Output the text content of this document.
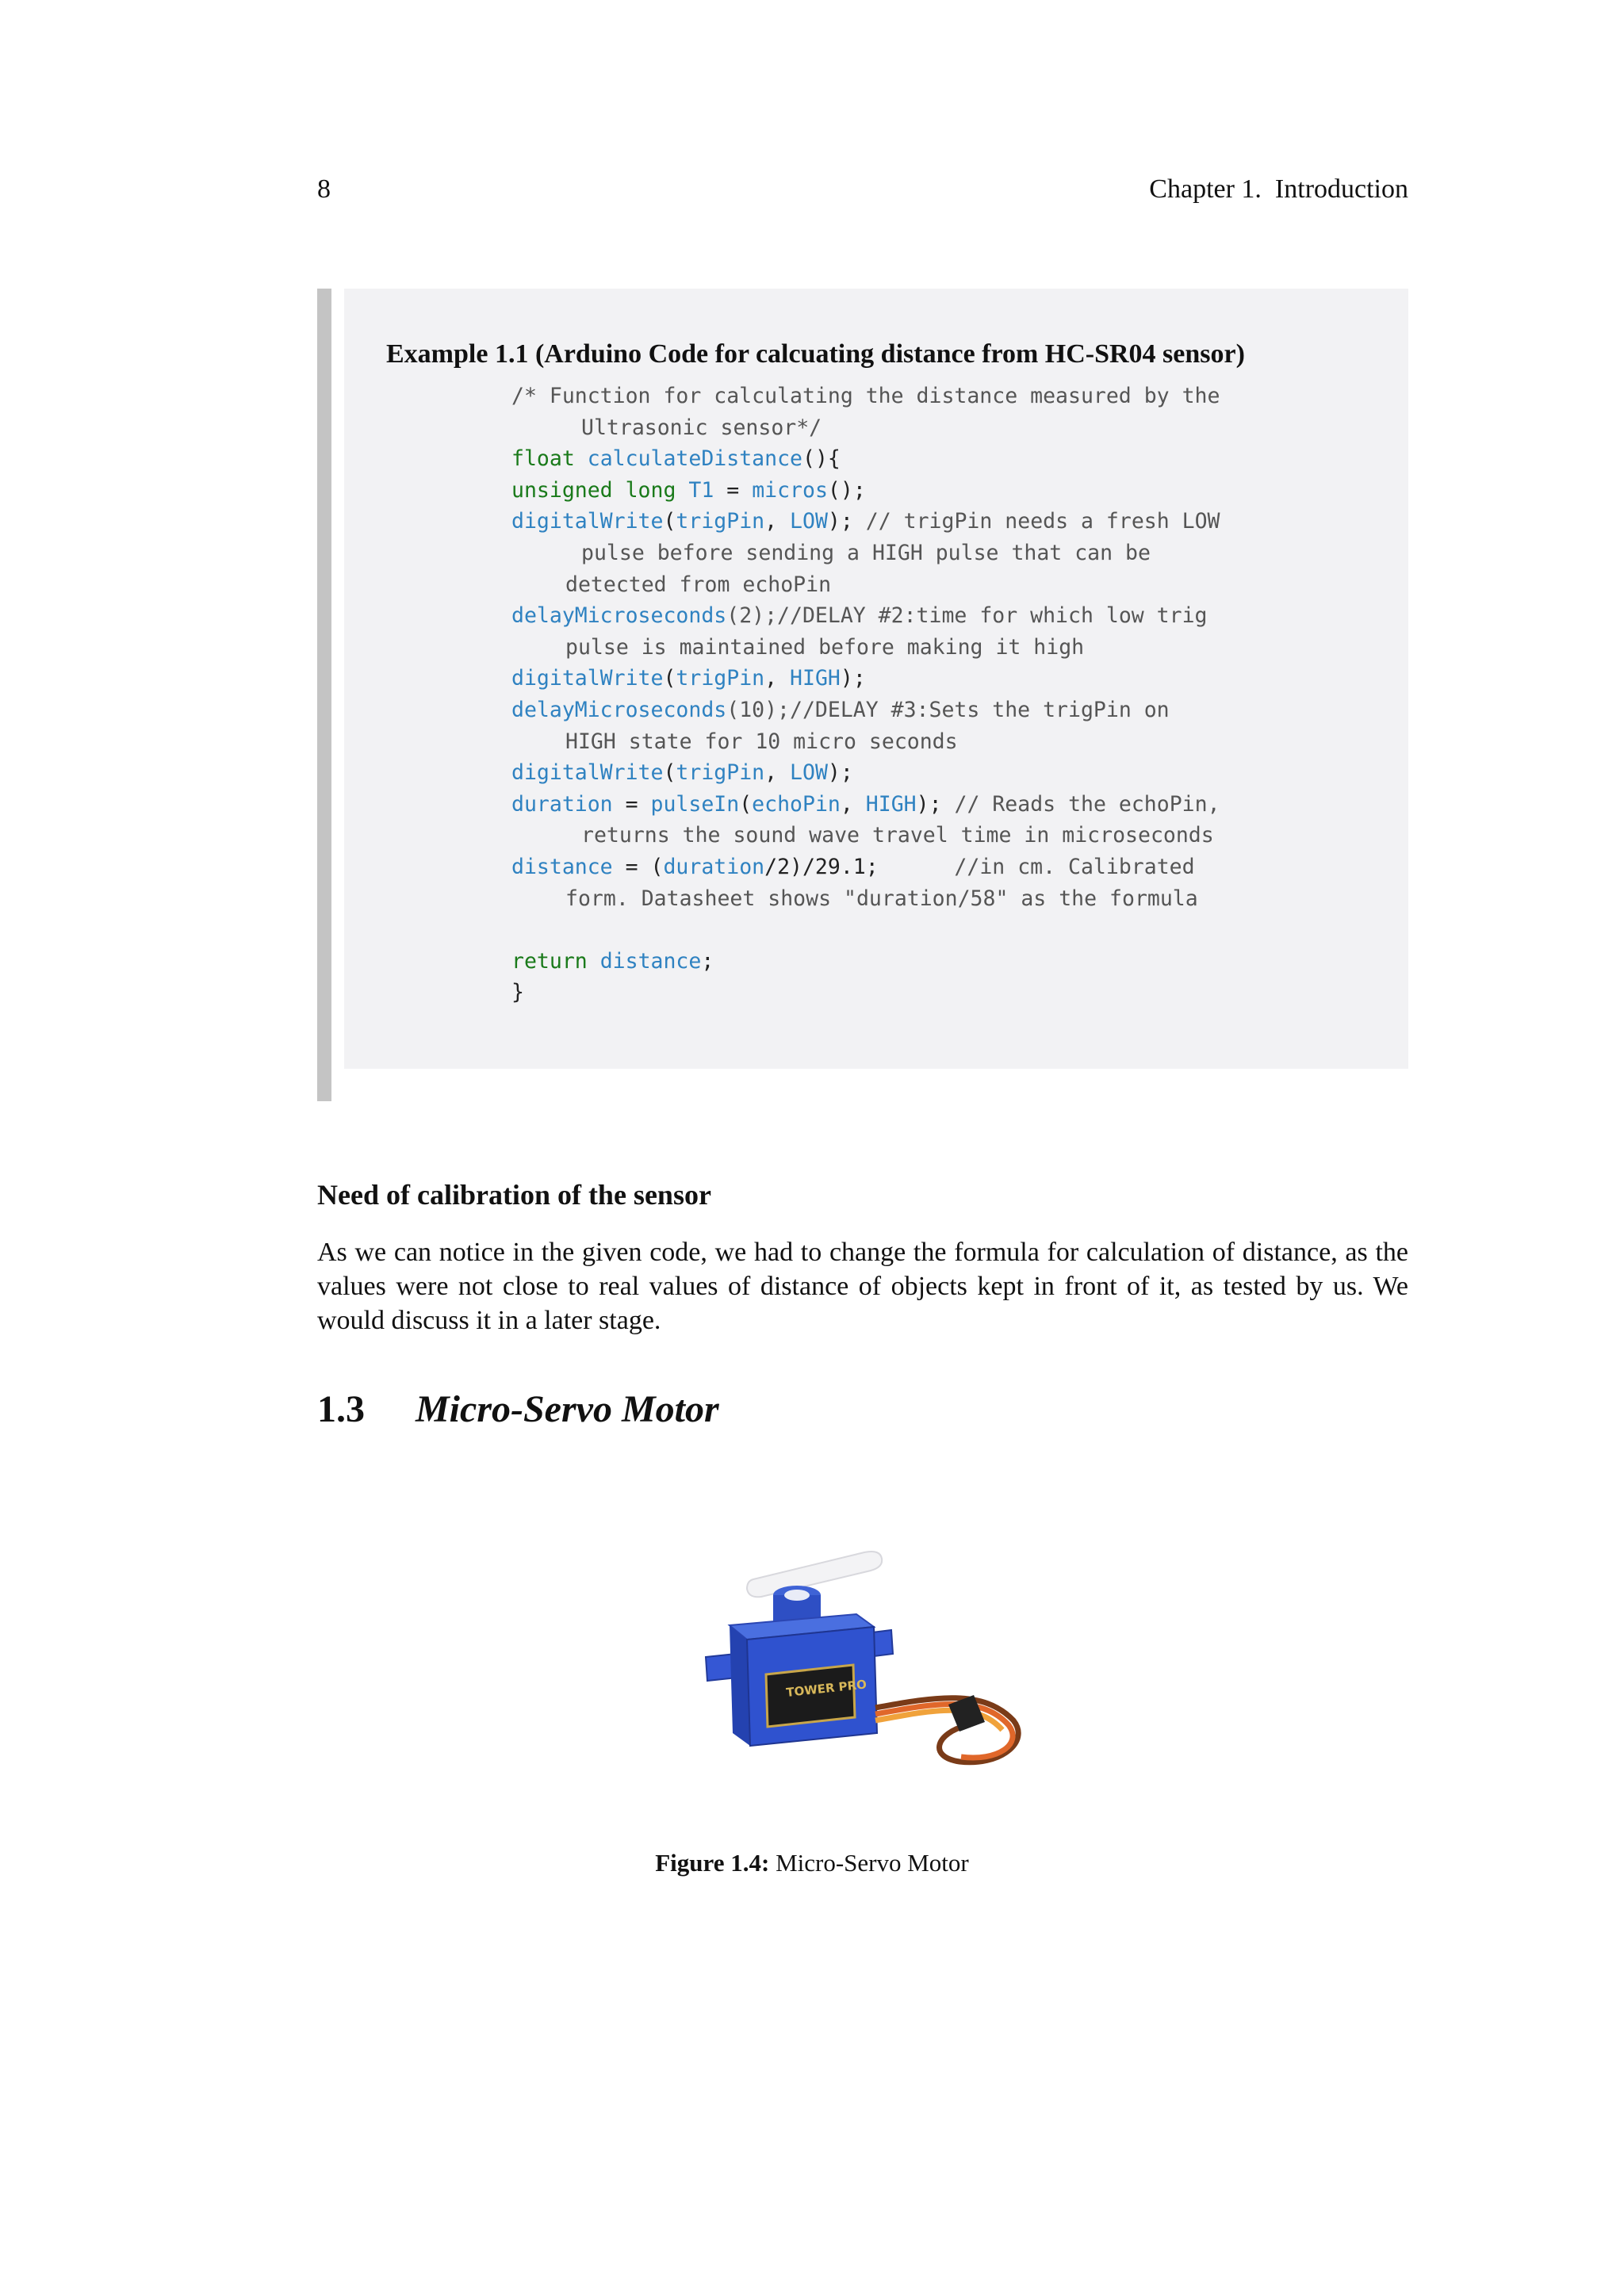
8	Chapter 1.  Introduction
Example 1.1 (Arduino Code for calcuating distance from HC-SR04 sensor)
/* Function for calculating the distance measured by the
Ultrasonic sensor*/
float calculateDistance(){
unsigned long T1 = micros();
digitalWrite(trigPin, LOW); // trigPin needs a fresh LOW
pulse before sending a HIGH pulse that can be
detected from echoPin
delayMicroseconds(2);//DELAY #2:time for which low trig
pulse is maintained before making it high
digitalWrite(trigPin, HIGH);
delayMicroseconds(10);//DELAY #3:Sets the trigPin on
HIGH state for 10 micro seconds
digitalWrite(trigPin, LOW);
duration = pulseIn(echoPin, HIGH); // Reads the echoPin,
returns the sound wave travel time in microseconds
distance = (duration/2)/29.1;      //in cm. Calibrated
form. Datasheet shows "duration/58" as the formula
return distance;
}
Need of calibration of the sensor
As we can notice in the given code, we had to change the formula for calculation of distance, as the values were not close to real values of distance of objects kept in front of it, as tested by us. We would discuss it in a later stage.
1.3 Micro-Servo Motor
TOWER PRO
Figure 1.4: Micro-Servo Motor
